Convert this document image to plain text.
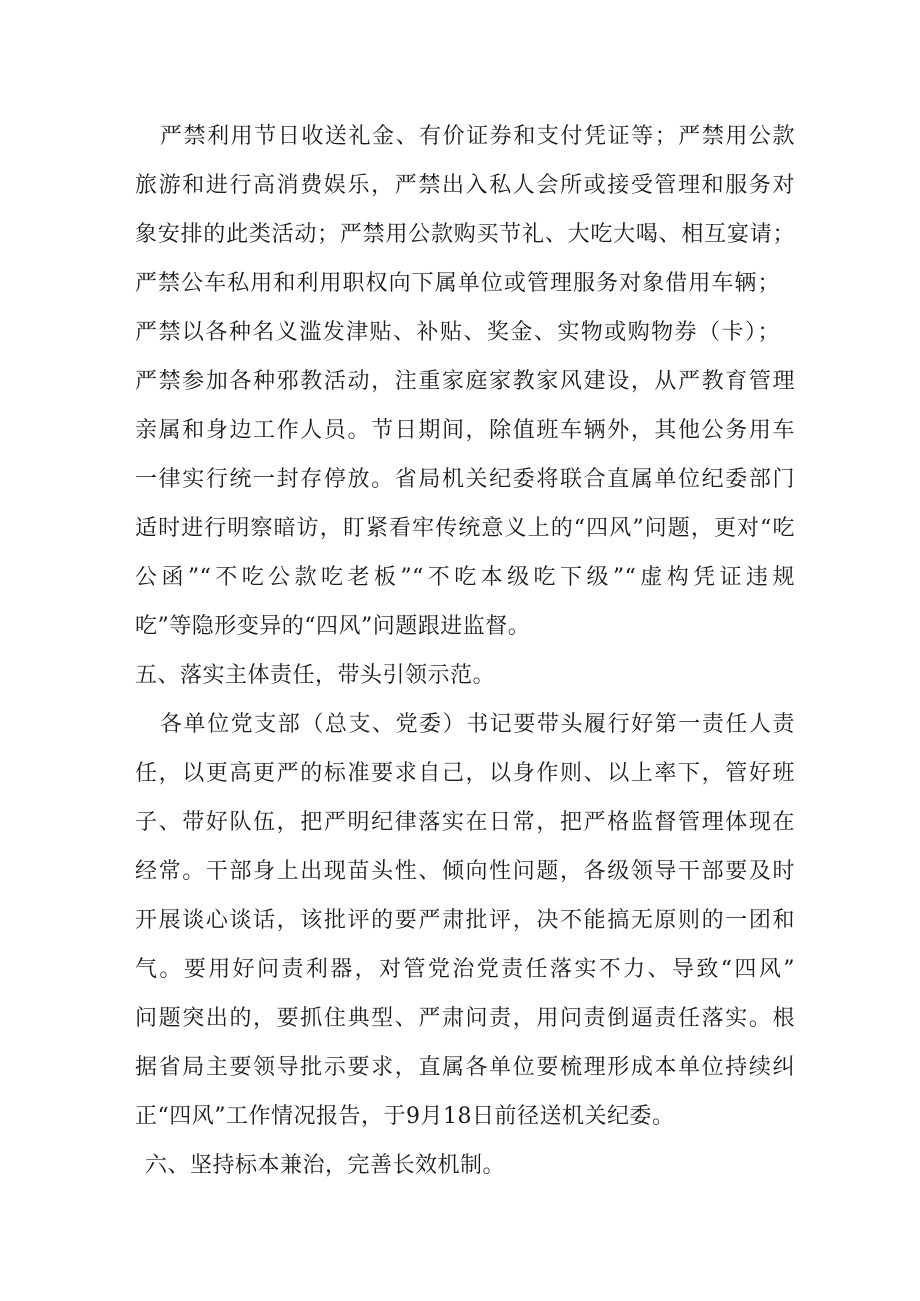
严禁利用节日收送礼金、有价证券和支付凭证等；严禁用公款
旅游和进行高消费娱乐，严禁出入私人会所或接受管理和服务对
象安排的此类活动；严禁用公款购买节礼、大吃大喝、相互宴请；
严禁公车私用和利用职权向下属单位或管理服务对象借用车辆；
严禁以各种名义滥发津贴、补贴、奖金、实物或购物券（卡）；
严禁参加各种邪教活动，注重家庭家教家风建设，从严教育管理
亲属和身边工作人员。节日期间，除值班车辆外，其他公务用车
一律实行统一封存停放。省局机关纪委将联合直属单位纪委部门
适时进行明察暗访，盯紧看牢传统意义上的“四风”问题，更对“吃
公函”“不吃公款吃老板”“不吃本级吃下级”“虚构凭证违规
吃”等隐形变异的“四风”问题跟进监督。
五、落实主体责任，带头引领示范。
各单位党支部（总支、党委）书记要带头履行好第一责任人责
任，以更高更严的标准要求自己，以身作则、以上率下，管好班
子、带好队伍，把严明纪律落实在日常，把严格监督管理体现在
经常。干部身上出现苗头性、倾向性问题，各级领导干部要及时
开展谈心谈话，该批评的要严肃批评，决不能搞无原则的一团和
气。要用好问责利器，对管党治党责任落实不力、导致“四风”
问题突出的，要抓住典型、严肃问责，用问责倒逼责任落实。根
据省局主要领导批示要求，直属各单位要梳理形成本单位持续纠
正“四风”工作情况报告，于9月18日前径送机关纪委。
六、坚持标本兼治，完善长效机制。
